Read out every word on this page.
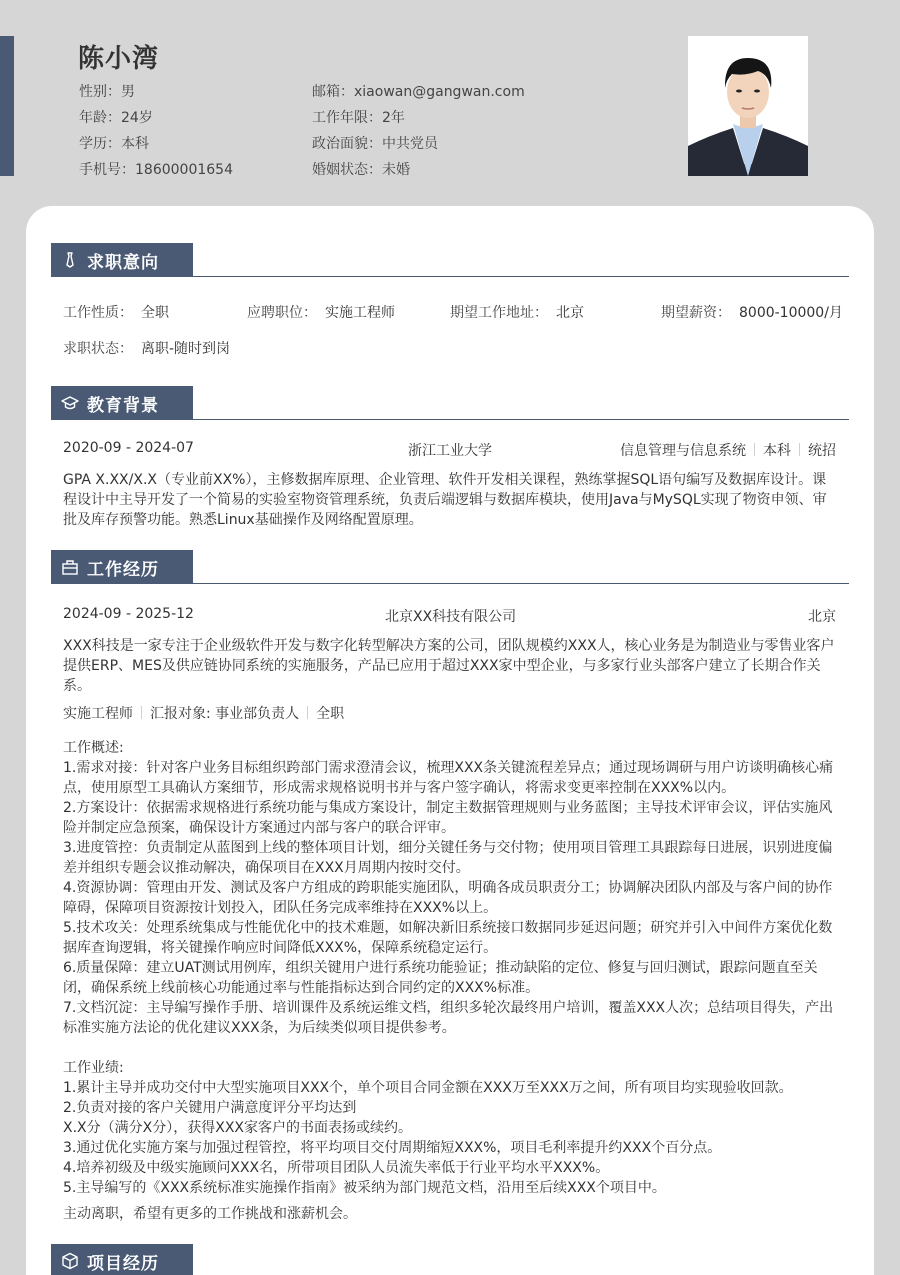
陈小湾
性别：男	邮箱：xiaowan@gangwan.com
年龄：24岁	工作年限：2年
学历：本科	政治面貌：中共党员
手机号：18600001654	婚姻状态：未婚
求职意向
工作性质： 全职	应聘职位： 实施工程师	期望工作地址： 北京	期望薪资： 8000-10000/月
求职状态： 离职-随时到岗
教育背景
2020-09 - 2024-07	浙江工业大学	信息管理与信息系统 本科 统招
GPA X.XX/X.X（专业前XX%），主修数据库原理、企业管理、软件开发相关课程，熟练掌握SQL语句编写及数据库设计。课程设计中主导开发了一个简易的实验室物资管理系统，负责后端逻辑与数据库模块，使用Java与MySQL实现了物资申领、审批及库存预警功能。熟悉Linux基础操作及网络配置原理。
工作经历
2024-09 - 2025-12	北京XX科技有限公司	北京
XXX科技是一家专注于企业级软件开发与数字化转型解决方案的公司，团队规模约XXX人，核心业务是为制造业与零售业客户提供ERP、MES及供应链协同系统的实施服务，产品已应用于超过XXX家中型企业，与多家行业头部客户建立了长期合作关系。
实施工程师 汇报对象: 事业部负责人 全职
工作概述:
1.需求对接：针对客户业务目标组织跨部门需求澄清会议，梳理XXX条关键流程差异点；通过现场调研与用户访谈明确核心痛点，使用原型工具确认方案细节，形成需求规格说明书并与客户签字确认，将需求变更率控制在XXX%以内。
2.方案设计：依据需求规格进行系统功能与集成方案设计，制定主数据管理规则与业务蓝图；主导技术评审会议，评估实施风险并制定应急预案，确保设计方案通过内部与客户的联合评审。
3.进度管控：负责制定从蓝图到上线的整体项目计划，细分关键任务与交付物；使用项目管理工具跟踪每日进展，识别进度偏差并组织专题会议推动解决，确保项目在XXX月周期内按时交付。
4.资源协调：管理由开发、测试及客户方组成的跨职能实施团队，明确各成员职责分工；协调解决团队内部及与客户间的协作障碍，保障项目资源按计划投入，团队任务完成率维持在XXX%以上。
5.技术攻关：处理系统集成与性能优化中的技术难题，如解决新旧系统接口数据同步延迟问题；研究并引入中间件方案优化数据库查询逻辑，将关键操作响应时间降低XXX%，保障系统稳定运行。
6.质量保障：建立UAT测试用例库，组织关键用户进行系统功能验证；推动缺陷的定位、修复与回归测试，跟踪问题直至关闭，确保系统上线前核心功能通过率与性能指标达到合同约定的XXX%标准。
7.文档沉淀：主导编写操作手册、培训课件及系统运维文档，组织多轮次最终用户培训，覆盖XXX人次；总结项目得失，产出标准实施方法论的优化建议XXX条，为后续类似项目提供参考。
工作业绩:
1.累计主导并成功交付中大型实施项目XXX个，单个项目合同金额在XXX万至XXX万之间，所有项目均实现验收回款。
2.负责对接的客户关键用户满意度评分平均达到
X.X分（满分X分），获得XXX家客户的书面表扬或续约。
3.通过优化实施方案与加强过程管控，将平均项目交付周期缩短XXX%，项目毛利率提升约XXX个百分点。
4.培养初级及中级实施顾问XXX名，所带项目团队人员流失率低于行业平均水平XXX%。
5.主导编写的《XXX系统标准实施操作指南》被采纳为部门规范文档，沿用至后续XXX个项目中。
主动离职，希望有更多的工作挑战和涨薪机会。
项目经历
